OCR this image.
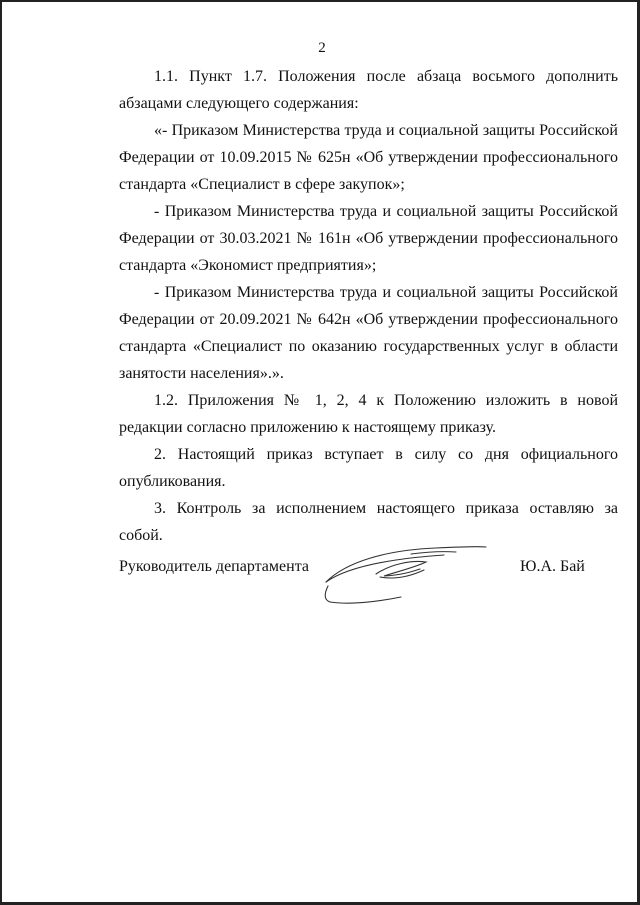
2

1.1. Пункт 1.7. Положения после абзаца восьмого дополнить абзацами следующего содержания:

«- Приказом Министерства труда и социальной защиты Российской Федерации от 10.09.2015 № 625н «Об утверждении профессионального стандарта «Специалист в сфере закупок»;

- Приказом Министерства труда и социальной защиты Российской Федерации от 30.03.2021 № 161н «Об утверждении профессионального стандарта «Экономист предприятия»;

- Приказом Министерства труда и социальной защиты Российской Федерации от 20.09.2021 № 642н «Об утверждении профессионального стандарта «Специалист по оказанию государственных услуг в области занятости населения».».

1.2. Приложения № 1, 2, 4 к Положению изложить в новой редакции согласно приложению к настоящему приказу.

2. Настоящий приказ вступает в силу со дня официального опубликования.

3. Контроль за исполнением настоящего приказа оставляю за собой.

Руководитель департамента	Ю.А. Бай
